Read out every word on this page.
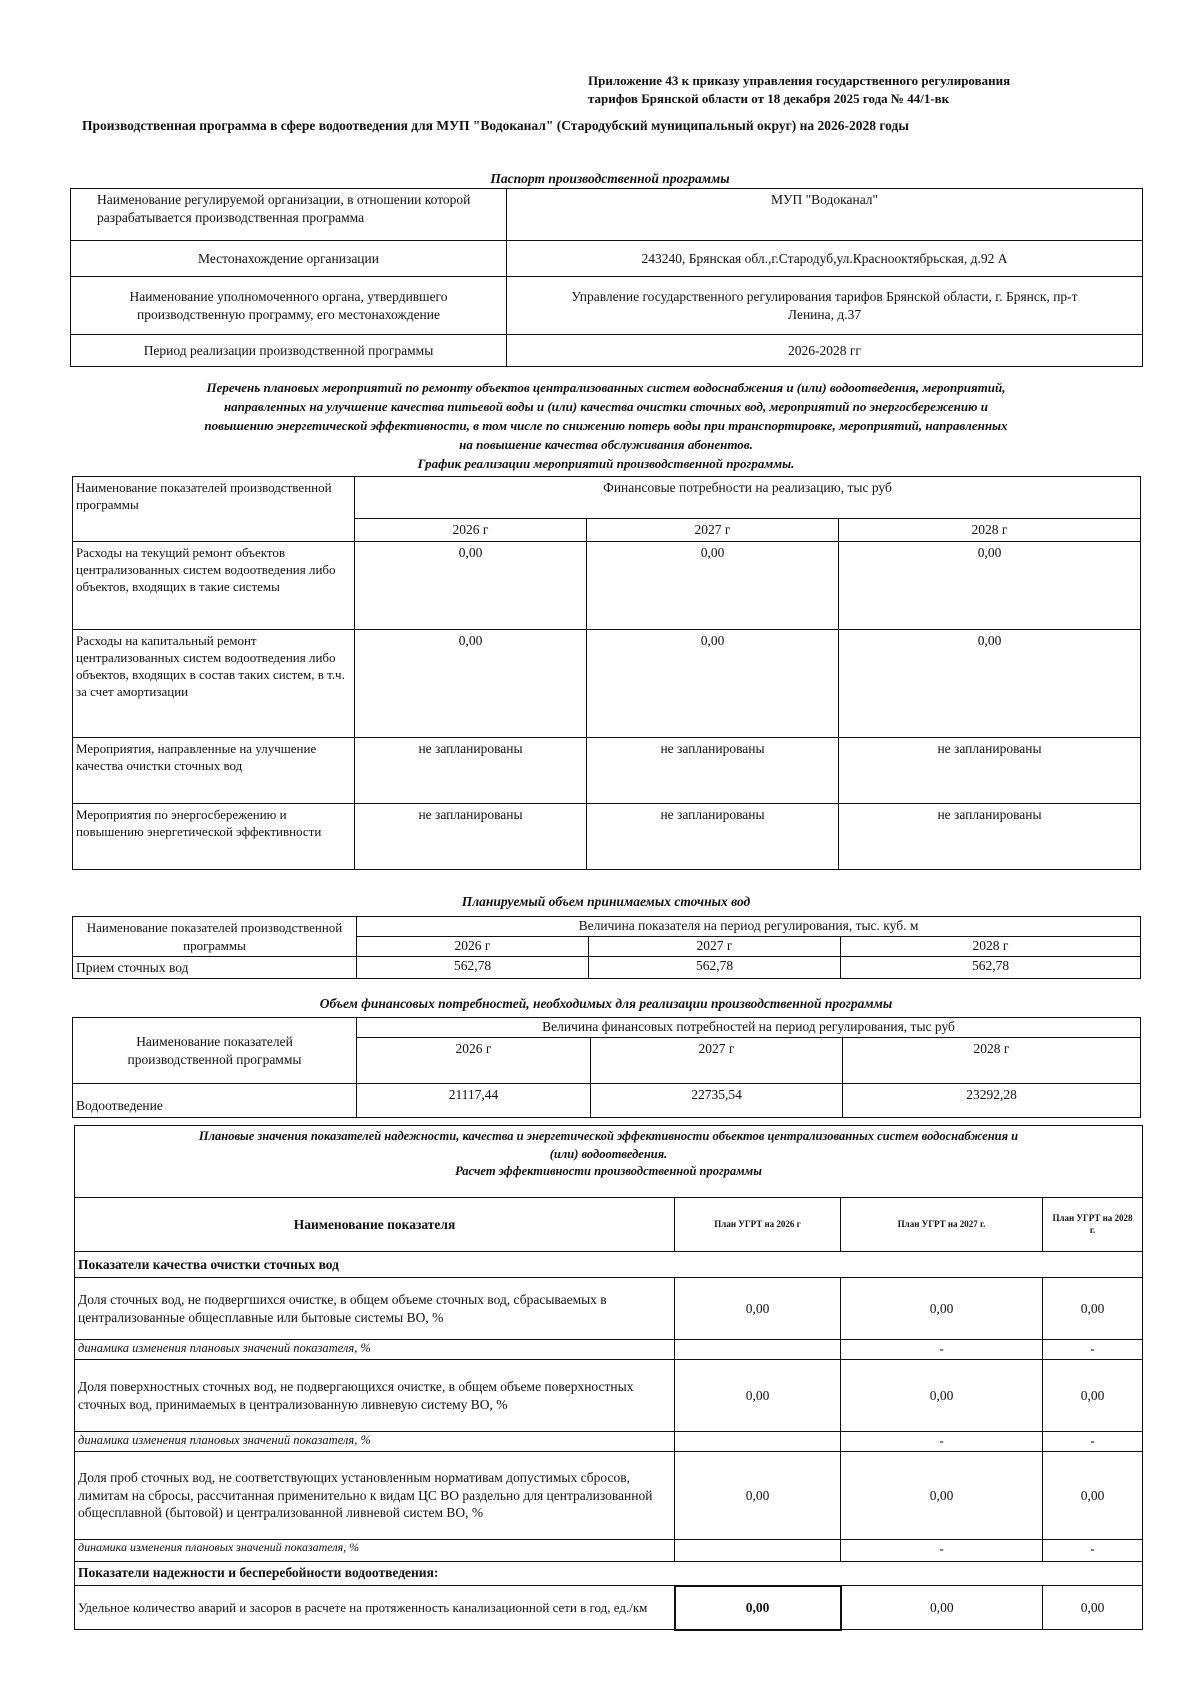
Приложение 43 к приказу управления государственного регулирования
тарифов Брянской области от 18 декабря 2025 года № 44/1-вк
Производственная программа в сфере водоотведения для МУП "Водоканал" (Стародубский муниципальный округ) на 2026-2028 годы
Паспорт производственной программы
Наименование регулируемой организации, в отношении которой разрабатывается производственная программа	МУП "Водоканал"
Местонахождение организации	243240, Брянская обл.,г.Стародуб,ул.Краснооктябрьская, д.92 А
Наименование уполномоченного органа, утвердившего производственную программу, его местонахождение	Управление государственного регулирования тарифов Брянской области, г. Брянск, пр-т Ленина, д.37
Период реализации производственной программы	2026-2028 гг
Перечень плановых мероприятий по ремонту объектов централизованных систем водоснабжения и (или) водоотведения, мероприятий,
направленных на улучшение качества питьевой воды и (или) качества очистки сточных вод, мероприятий по энергосбережению и
повышению энергетической эффективности, в том числе по снижению потерь воды при транспортировке, мероприятий, направленных
на повышение качества обслуживания абонентов.
График реализации мероприятий производственной программы.
Наименование показателей производственной программы	Финансовые потребности на реализацию, тыс руб		
	2026 г	2027 г	2028 г
Расходы на текущий ремонт объектов централизованных систем водоотведения либо объектов, входящих в такие системы	0,00	0,00	0,00
Расходы на капитальный ремонт централизованных систем водоотведения либо объектов, входящих в состав таких систем, в т.ч. за счет амортизации	0,00	0,00	0,00
Мероприятия, направленные на улучшение качества очистки сточных вод	не запланированы	не запланированы	не запланированы
Мероприятия по энергосбережению и повышению энергетической эффективности	не запланированы	не запланированы	не запланированы
Планируемый объем принимаемых сточных вод
Наименование показателей производственной программы	Величина показателя на период регулирования, тыс. куб. м		
	2026 г	2027 г	2028 г
Прием сточных вод	562,78	562,78	562,78
Объем финансовых потребностей, необходимых для реализации производственной программы
Наименование показателей производственной программы	Величина финансовых потребностей на период регулирования, тыс руб		
	2026 г	2027 г	2028 г
Водоотведение	21117,44	22735,54	23292,28
Плановые значения показателей надежности, качества и энергетической эффективности объектов централизованных систем водоснабжения и
(или) водоотведения.
Расчет эффективности производственной программы			

Наименование показателя	План УГРТ на 2026 г	План УГРТ на 2027 г.	План УГРТ на 2028 г.
Показатели качества очистки сточных вод			
Доля сточных вод, не подвергшихся очистке, в общем объеме сточных вод, сбрасываемых в централизованные общесплавные или бытовые системы ВО, %	0,00	0,00	0,00
динамика изменения плановых значений показателя, %		-	-
Доля поверхностных сточных вод, не подвергающихся очистке, в общем объеме поверхностных сточных вод, принимаемых в централизованную ливневую систему ВО, %	0,00	0,00	0,00
динамика изменения плановых значений показателя, %		-	-
Доля проб сточных вод, не соответствующих установленным нормативам допустимых сбросов, лимитам на сбросы, рассчитанная применительно к видам ЦС ВО раздельно для централизованной общесплавной (бытовой) и централизованной ливневой систем ВО, %	0,00	0,00	0,00
динамика изменения плановых значений показателя, %		-	-
Показатели надежности и бесперебойности водоотведения:			
Удельное количество аварий и засоров в расчете на протяженность канализационной сети в год, ед./км	0,00	0,00	0,00
